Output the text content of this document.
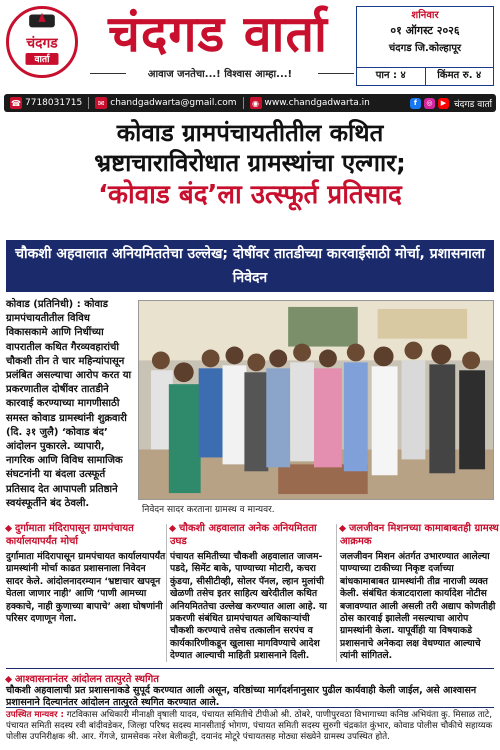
चंदगड
वार्ता	चंदगड वार्ता
आवाज जनतेचा...! विश्वास आम्हा...!
शनिवार
०१ ऑगस्ट २०२६
चंदगड जि.कोल्हापूर
पान : ४	किंमत रु. ४
☎ 7718031715	✉ chandgadwarta@gmail.com	◉ www.chandgadwarta.in	f	◎	▶ चंदगड वार्ता
कोवाड ग्रामपंचायतीतील कथित
भ्रष्टाचाराविरोधात ग्रामस्थांचा एल्गार;
‘कोवाड बंद’ला उत्स्फूर्त प्रतिसाद
चौकशी अहवालात अनियमिततेचा उल्लेख; दोषींवर तातडीच्या कारवाईसाठी मोर्चा, प्रशासनाला निवेदन
कोवाड (प्रतिनिधी) : कोवाड ग्रामपंचायतीतील विविध विकासकामे आणि निधींच्या वापरातील कथित गैरव्यवहारांची चौकशी तीन ते चार महिन्यांपासून प्रलंबित असल्याचा आरोप करत या प्रकरणातील दोषींवर तातडीने कारवाई करण्याच्या मागणीसाठी समस्त कोवाड ग्रामस्थांनी शुक्रवारी (दि. ३१ जुलै) ‘कोवाड बंद’ आंदोलन पुकारले. व्यापारी, नागरिक आणि विविध सामाजिक संघटनांनी या बंदला उत्स्फूर्त प्रतिसाद देत आपापली प्रतिष्ठाने स्वयंस्फूर्तीने बंद ठेवली.
निवेदन सादर करताना ग्रामस्थ व मान्यवर.
दुर्गामाता मंदिरापासून ग्रामपंचायत कार्यालयापर्यंत मोर्चा

दुर्गामाता मंदिरापासून ग्रामपंचायत कार्यालयापर्यंत ग्रामस्थांनी मोर्चा काढत प्रशासनाला निवेदन सादर केले. आंदोलनादरम्यान ‘भ्रष्टाचार खपवून घेतला जाणार नाही’ आणि ‘पाणी आमच्या हक्काचे, नाही कुणाच्या बापाचे’ अशा घोषणांनी परिसर दणाणून गेला.

चौकशी अहवालात अनेक अनियमितता उघड

पंचायत समितीच्या चौकशी अहवालात जाजम-पडदे, सिमेंट बाके, पाण्याच्या मोटारी, कचरा कुंडया, सीसीटीव्ही, सोलर पॅनल, ल्हान मुलांची खेळणी तसेच इतर साहित्य खरेदीतील कथित अनियमिततेचा उल्लेख करण्यात आला आहे. या प्रकरणी संबंधित ग्रामपंचायत अधिकाऱ्यांची चौकशी करण्याचे तसेच तत्कालीन सरपंच व कार्यकारिणीकडून खुलासा मागविण्याचे आदेश देण्यात आल्याची माहिती प्रशासनाने दिली.

जलजीवन मिशनच्या कामाबाबतही ग्रामस्थ आक्रमक

जलजीवन मिशन अंतर्गत उभारण्यात आलेल्या पाण्याच्या टाकीच्या निकृष्ट दर्जाच्या बांधकामाबाबत ग्रामस्थांनी तीव्र नाराजी व्यक्त केली. संबंधित कंत्राटदाराला कार्यादेश नोटीस बजावण्यात आली असली तरी अद्याप कोणतीही ठोस कारवाई झालेली नसल्याचा आरोप ग्रामस्थांनी केला. यापूर्वीही या विषयाकडे प्रशासनाचे अनेकदा लक्ष वेधण्यात आल्याचे त्यांनी सांगितले.

आश्वासनानंतर आंदोलन तात्पुरते स्थगित

चौकशी अहवालाची प्रत प्रशासनाकडे सुपूर्द करण्यात आली असून, वरिष्ठांच्या मार्गदर्शनानुसार पुढील कार्यवाही केली जाईल, असे आश्वासन प्रशासनाने दिल्यानंतर आंदोलन तात्पुरते स्थगित करण्यात आले.

उपस्थित मान्यवर : गटविकास अधिकारी मीनाक्षी वृषाली यादव, पंचायत समितीचे टीपीओ श्री. ठोबरे, पाणीपुरवठा विभागाच्या कनिष्ठ अभियंता कु. मिसाळ ताटे, पंचायत समिती सदस्य रवी बांदीवडेकर, जिल्हा परिषद सदस्य मानसीताई भोगण, पंचायत समिती सदस्य सुरुगी चंद्रकांत कुंभार, कोवाड पोलीस चौकीचे सहाय्यक पोलीस उपनिरीक्षक श्री. आर. गेंगजे, ग्रामसेवक नरेश बेलीकट्टी, दयानंद मोटूरे पंचायतसह मोठ्या संख्येने ग्रामस्थ उपस्थित होते.
